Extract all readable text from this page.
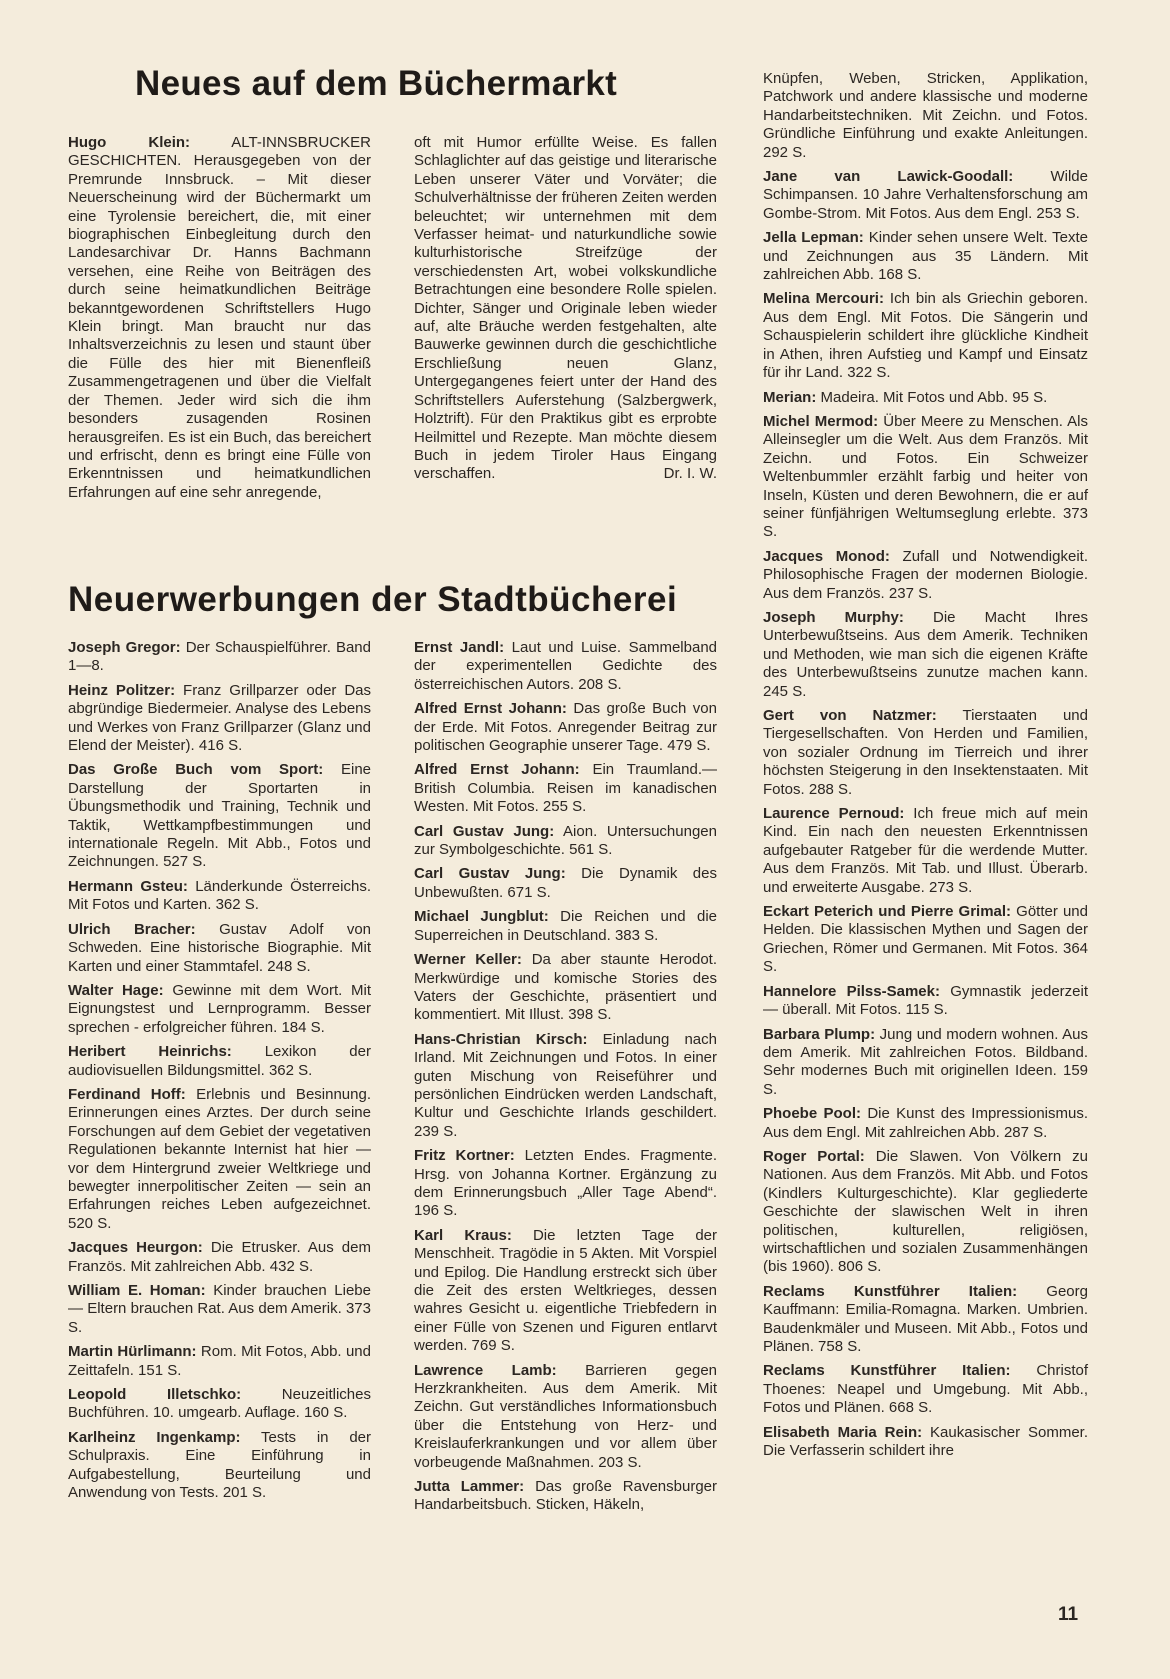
Neues auf dem Büchermarkt

Hugo Klein:	ALT-INNSBRUCKER GESCHICHTEN. Herausgegeben von der Premrunde Innsbruck. – Mit dieser Neuerscheinung wird der Büchermarkt um eine Tyrolensie bereichert, die, mit einer biographischen Einbegleitung durch den Landesarchivar Dr. Hanns Bachmann versehen, eine Reihe von Beiträgen des durch seine heimatkundlichen Beiträge bekanntgewordenen Schriftstellers Hugo Klein bringt. Man braucht nur das Inhaltsverzeichnis zu lesen und staunt über die Fülle des hier mit Bienenfleiß Zusammengetragenen und über die Vielfalt der Themen. Jeder wird sich die ihm besonders zusagenden Rosinen herausgreifen. Es ist ein Buch, das bereichert und erfrischt, denn es bringt eine Fülle von Erkenntnissen und heimatkundlichen Erfahrungen auf eine sehr anregende,

oft mit Humor erfüllte Weise. Es fallen Schlaglichter auf das geistige und literarische Leben unserer Väter und Vorväter; die Schulverhältnisse der früheren Zeiten werden beleuchtet; wir unternehmen mit dem Verfasser heimat- und naturkundliche sowie kulturhistorische Streifzüge der verschiedensten Art, wobei volkskundliche Betrachtungen eine besondere Rolle spielen. Dichter, Sänger und Originale leben wieder auf, alte Bräuche werden festgehalten, alte Bauwerke gewinnen durch die geschichtliche Erschließung neuen Glanz, Untergegangenes feiert unter der Hand des Schriftstellers Auferstehung (Salzbergwerk, Holztrift). Für den Praktikus gibt es erprobte Heilmittel und Rezepte. Man möchte diesem Buch in jedem Tiroler Haus Eingang verschaffen.	Dr. I. W.

Neuerwerbungen der Stadtbücherei

Joseph Gregor: Der Schauspielführer. Band 1—8.

Heinz Politzer: Franz Grillparzer oder Das abgründige Biedermeier. Analyse des Lebens und Werkes von Franz Grillparzer (Glanz und Elend der Meister). 416 S.

Das Große Buch vom Sport: Eine Darstellung der Sportarten in Übungsmethodik und Training, Technik und Taktik, Wettkampfbestimmungen und internationale Regeln. Mit Abb., Fotos und Zeichnungen. 527 S.

Hermann Gsteu: Länderkunde Österreichs. Mit Fotos und Karten. 362 S.

Ulrich Bracher: Gustav Adolf von Schweden. Eine historische Biographie. Mit Karten und einer Stammtafel. 248 S.

Walter Hage: Gewinne mit dem Wort. Mit Eignungstest und Lernprogramm. Besser sprechen - erfolgreicher führen. 184 S.

Heribert Heinrichs: Lexikon der audiovisuellen Bildungsmittel. 362 S.

Ferdinand Hoff: Erlebnis und Besinnung. Erinnerungen eines Arztes. Der durch seine Forschungen auf dem Gebiet der vegetativen Regulationen bekannte Internist hat hier — vor dem Hintergrund zweier Weltkriege und bewegter innerpolitischer Zeiten — sein an Erfahrungen reiches Leben aufgezeichnet. 520 S.

Jacques Heurgon: Die Etrusker. Aus dem Französ. Mit zahlreichen Abb. 432 S.

William E. Homan: Kinder brauchen Liebe — Eltern brauchen Rat. Aus dem Amerik. 373 S.

Martin Hürlimann: Rom. Mit Fotos, Abb. und Zeittafeln. 151 S.

Leopold Illetschko:	Neuzeitliches Buchführen. 10. umgearb. Auflage. 160 S.

Karlheinz Ingenkamp: Tests in der Schulpraxis. Eine Einführung in Aufgabestellung, Beurteilung und Anwendung von Tests. 201 S.

Ernst Jandl: Laut und Luise. Sammelband der experimentellen Gedichte des österreichischen Autors. 208 S.

Alfred Ernst Johann: Das große Buch von der Erde. Mit Fotos. Anregender Beitrag zur politischen Geographie unserer Tage. 479 S.

Alfred Ernst Johann: Ein Traumland.— British Columbia. Reisen im kanadischen Westen. Mit Fotos. 255 S.

Carl Gustav Jung: Aion. Untersuchungen zur Symbolgeschichte. 561 S.

Carl Gustav Jung: Die Dynamik des Unbewußten. 671 S.

Michael Jungblut: Die Reichen und die Superreichen in Deutschland. 383 S.

Werner Keller: Da aber staunte Herodot. Merkwürdige und komische Stories des Vaters der Geschichte, präsentiert und kommentiert. Mit Illust. 398 S.

Hans-Christian Kirsch: Einladung nach Irland. Mit Zeichnungen und Fotos. In einer guten Mischung von Reiseführer und persönlichen Eindrücken werden Landschaft, Kultur und Geschichte Irlands geschildert. 239 S.

Fritz Kortner: Letzten Endes. Fragmente. Hrsg. von Johanna Kortner. Ergänzung zu dem Erinnerungsbuch „Aller Tage Abend“. 196 S.

Karl Kraus: Die letzten Tage der Menschheit. Tragödie in 5 Akten. Mit Vorspiel und Epilog. Die Handlung erstreckt sich über die Zeit des ersten Weltkrieges, dessen wahres Gesicht u. eigentliche Triebfedern in einer Fülle von Szenen und Figuren entlarvt werden. 769 S.

Lawrence Lamb: Barrieren gegen Herzkrankheiten. Aus dem Amerik. Mit Zeichn. Gut verständliches Informationsbuch über die Entstehung von Herz- und Kreislauferkrankungen und vor allem über vorbeugende Maßnahmen. 203 S.

Jutta Lammer: Das große Ravensburger Handarbeitsbuch. Sticken, Häkeln,

Knüpfen, Weben, Stricken, Applikation, Patchwork und andere klassische und moderne Handarbeitstechniken. Mit Zeichn. und Fotos. Gründliche Einführung und exakte Anleitungen. 292 S.

Jane van Lawick-Goodall: Wilde Schimpansen. 10 Jahre Verhaltensforschung am Gombe-Strom. Mit Fotos. Aus dem Engl. 253 S.

Jella Lepman: Kinder sehen unsere Welt. Texte und Zeichnungen aus 35 Ländern. Mit zahlreichen Abb. 168 S.

Melina Mercouri: Ich bin als Griechin geboren. Aus dem Engl. Mit Fotos. Die Sängerin und Schauspielerin schildert ihre glückliche Kindheit in Athen, ihren Aufstieg und Kampf und Einsatz für ihr Land. 322 S.

Merian: Madeira. Mit Fotos und Abb. 95 S.

Michel Mermod: Über Meere zu Menschen. Als Alleinsegler um die Welt. Aus dem Französ. Mit Zeichn. und Fotos. Ein Schweizer Weltenbummler erzählt farbig und heiter von Inseln, Küsten und deren Bewohnern, die er auf seiner fünfjährigen Weltumseglung erlebte. 373 S.

Jacques Monod: Zufall und Notwendigkeit. Philosophische Fragen der modernen Biologie. Aus dem Französ. 237 S.

Joseph Murphy: Die Macht Ihres Unterbewußtseins. Aus dem Amerik. Techniken und Methoden, wie man sich die eigenen Kräfte des Unterbewußtseins zunutze machen kann. 245 S.

Gert von Natzmer: Tierstaaten und Tiergesellschaften. Von Herden und Familien, von sozialer Ordnung im Tierreich und ihrer höchsten Steigerung in den Insektenstaaten. Mit Fotos. 288 S.

Laurence Pernoud: Ich freue mich auf mein Kind. Ein nach den neuesten Erkenntnissen aufgebauter Ratgeber für die werdende Mutter. Aus dem Französ. Mit Tab. und Illust. Überarb. und erweiterte Ausgabe. 273 S.

Eckart Peterich und Pierre Grimal: Götter und Helden. Die klassischen Mythen und Sagen der Griechen, Römer und Germanen. Mit Fotos. 364 S.

Hannelore Pilss-Samek: Gymnastik jederzeit — überall. Mit Fotos. 115 S.

Barbara Plump: Jung und modern wohnen. Aus dem Amerik. Mit zahlreichen Fotos. Bildband. Sehr modernes Buch mit originellen Ideen. 159 S.

Phoebe Pool: Die Kunst des Impressionismus. Aus dem Engl. Mit zahlreichen Abb. 287 S.

Roger Portal: Die Slawen. Von Völkern zu Nationen. Aus dem Französ. Mit Abb. und Fotos (Kindlers Kulturgeschichte). Klar gegliederte Geschichte der slawischen Welt in ihren politischen, kulturellen, religiösen, wirtschaftlichen und sozialen Zusammenhängen (bis 1960). 806 S.

Reclams Kunstführer Italien: Georg Kauffmann: Emilia-Romagna. Marken. Umbrien. Baudenkmäler und Museen. Mit Abb., Fotos und Plänen. 758 S.

Reclams Kunstführer Italien: Christof Thoenes: Neapel und Umgebung. Mit Abb., Fotos und Plänen. 668 S.

Elisabeth Maria Rein: Kaukasischer Sommer. Die Verfasserin schildert ihre

11
